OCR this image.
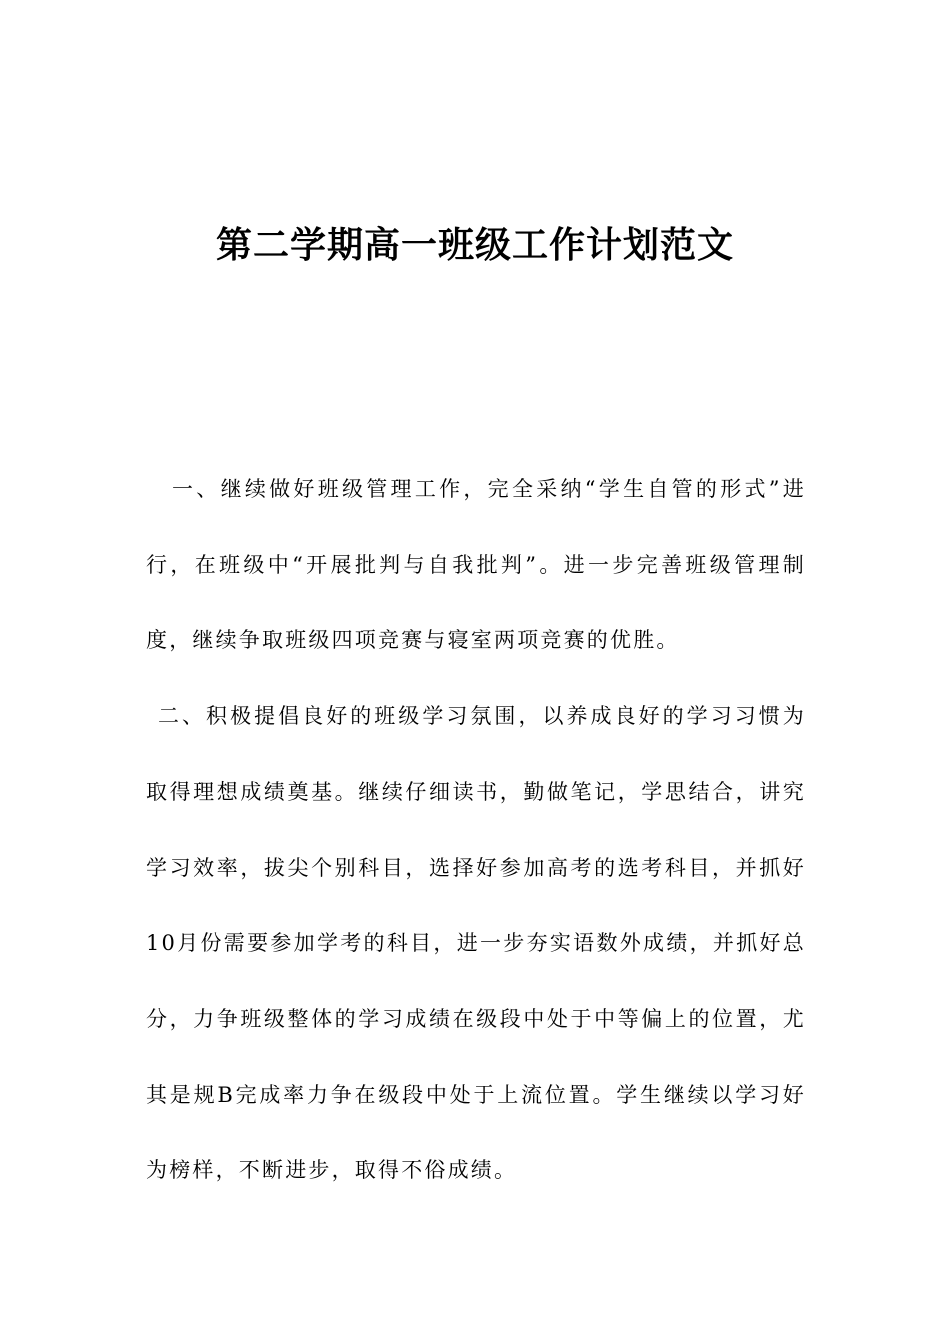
第二学期高一班级工作计划范文

一、继续做好班级管理工作，完全采纳“学生自管的形式”进行，在班级中“开展批判与自我批判”。进一步完善班级管理制度，继续争取班级四项竞赛与寝室两项竞赛的优胜。

二、积极提倡良好的班级学习氛围，以养成良好的学习习惯为取得理想成绩奠基。继续仔细读书，勤做笔记，学思结合，讲究学习效率，拔尖个别科目，选择好参加高考的选考科目，并抓好10月份需要参加学考的科目，进一步夯实语数外成绩，并抓好总分，力争班级整体的学习成绩在级段中处于中等偏上的位置，尤其是规B完成率力争在级段中处于上流位置。学生继续以学习好为榜样，不断进步，取得不俗成绩。
